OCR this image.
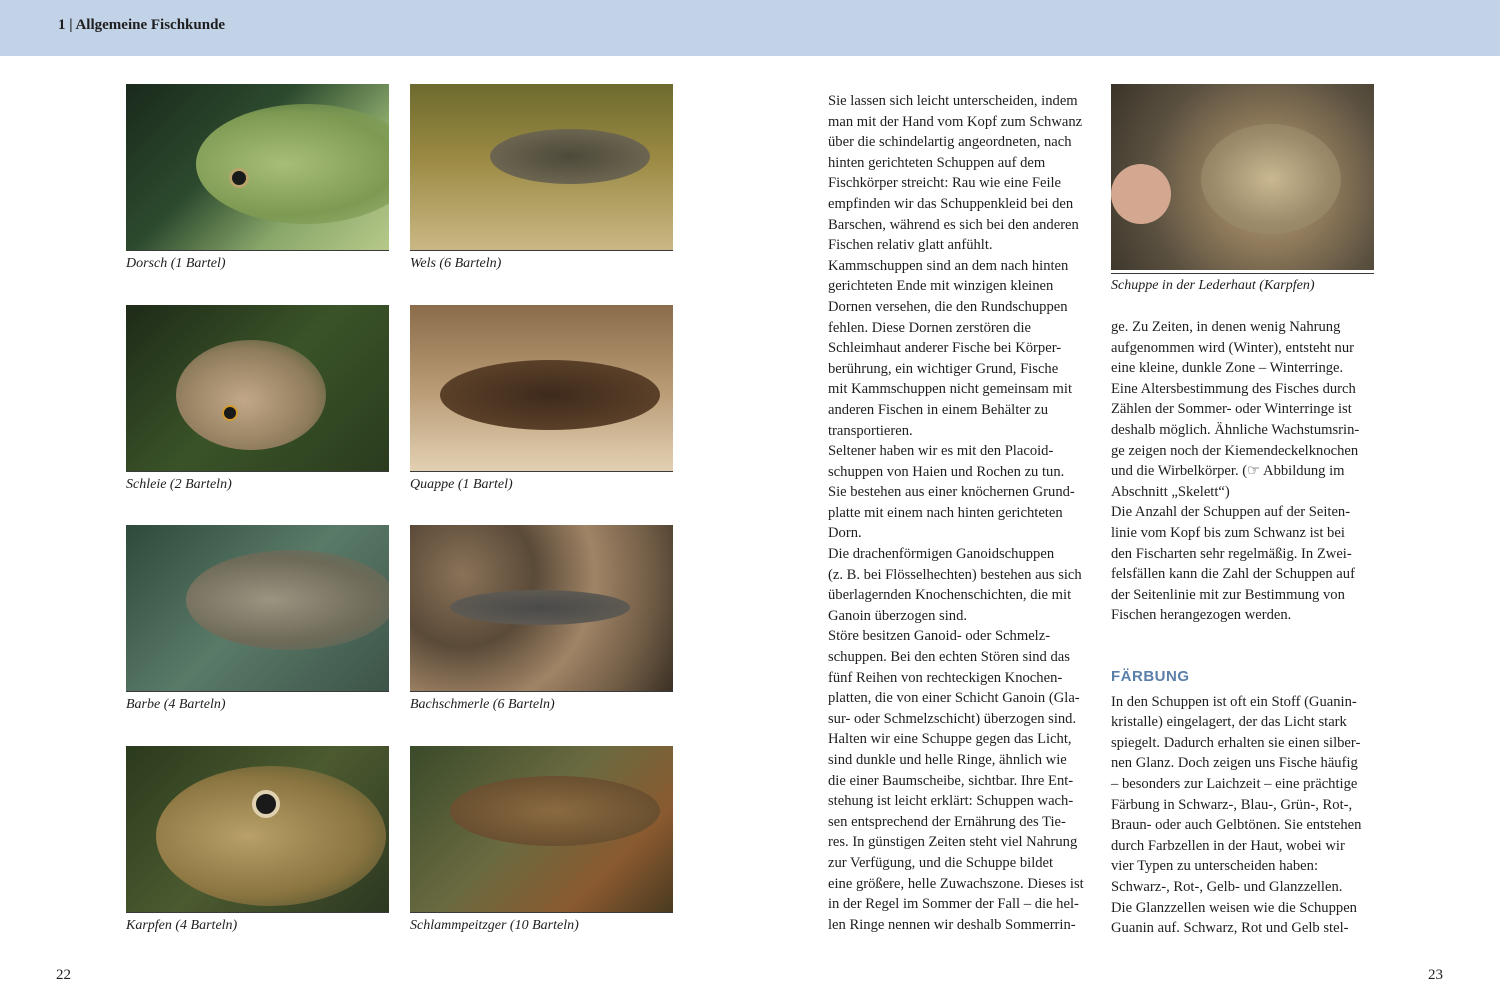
1 | Allgemeine Fischkunde
Dorsch (1 Bartel)	Wels (6 Barteln)
Schleie (2 Barteln)	Quappe (1 Bartel)
Barbe (4 Barteln)	Bachschmerle (6 Barteln)
Karpfen (4 Barteln)	Schlammpeitzger (10 Barteln)

Sie lassen sich leicht unterscheiden, indem

man mit der Hand vom Kopf zum Schwanz

über die schindelartig angeordneten, nach

hinten gerichteten Schuppen auf dem

Fischkörper streicht: Rau wie eine Feile

empfinden wir das Schuppenkleid bei den

Barschen, während es sich bei den anderen

Fischen relativ glatt anfühlt.

Kammschuppen sind an dem nach hinten

gerichteten Ende mit winzigen kleinen

Dornen versehen, die den Rundschuppen

fehlen. Diese Dornen zerstören die

Schleimhaut anderer Fische bei Körper-

berührung, ein wichtiger Grund, Fische

mit Kammschuppen nicht gemeinsam mit

anderen Fischen in einem Behälter zu

transportieren.

Seltener haben wir es mit den Placoid-

schuppen von Haien und Rochen zu tun.

Sie bestehen aus einer knöchernen Grund-

platte mit einem nach hinten gerichteten

Dorn.

Die drachenförmigen Ganoidschuppen

(z. B. bei Flösselhechten) bestehen aus sich

überlagernden Knochenschichten, die mit

Ganoin überzogen sind.

Störe besitzen Ganoid- oder Schmelz-

schuppen. Bei den echten Stören sind das

fünf Reihen von rechteckigen Knochen-

platten, die von einer Schicht Ganoin (Gla-

sur- oder Schmelzschicht) überzogen sind.

Halten wir eine Schuppe gegen das Licht,

sind dunkle und helle Ringe, ähnlich wie

die einer Baumscheibe, sichtbar. Ihre Ent-

stehung ist leicht erklärt: Schuppen wach-

sen entsprechend der Ernährung des Tie-

res. In günstigen Zeiten steht viel Nahrung

zur Verfügung, und die Schuppe bildet

eine größere, helle Zuwachszone. Dieses ist

in der Regel im Sommer der Fall – die hel-

len Ringe nennen wir deshalb Sommerrin-

Schuppe in der Lederhaut (Karpfen)

ge. Zu Zeiten, in denen wenig Nahrung

aufgenommen wird (Winter), entsteht nur

eine kleine, dunkle Zone – Winterringe.

Eine Altersbestimmung des Fisches durch

Zählen der Sommer- oder Winterringe ist

deshalb möglich. Ähnliche Wachstumsrin-

ge zeigen noch der Kiemendeckelknochen

und die Wirbelkörper. (☞ Abbildung im

Abschnitt „Skelett“)

Die Anzahl der Schuppen auf der Seiten-

linie vom Kopf bis zum Schwanz ist bei

den Fischarten sehr regelmäßig. In Zwei-

felsfällen kann die Zahl der Schuppen auf

der Seitenlinie mit zur Bestimmung von

Fischen herangezogen werden.

FÄRBUNG

In den Schuppen ist oft ein Stoff (Guanin-

kristalle) eingelagert, der das Licht stark

spiegelt. Dadurch erhalten sie einen silber-

nen Glanz. Doch zeigen uns Fische häufig

– besonders zur Laichzeit – eine prächtige

Färbung in Schwarz-, Blau-, Grün-, Rot-,

Braun- oder auch Gelbtönen. Sie entstehen

durch Farbzellen in der Haut, wobei wir

vier Typen zu unterscheiden haben:

Schwarz-, Rot-, Gelb- und Glanzzellen.

Die Glanzzellen weisen wie die Schuppen

Guanin auf. Schwarz, Rot und Gelb stel-

22	23
